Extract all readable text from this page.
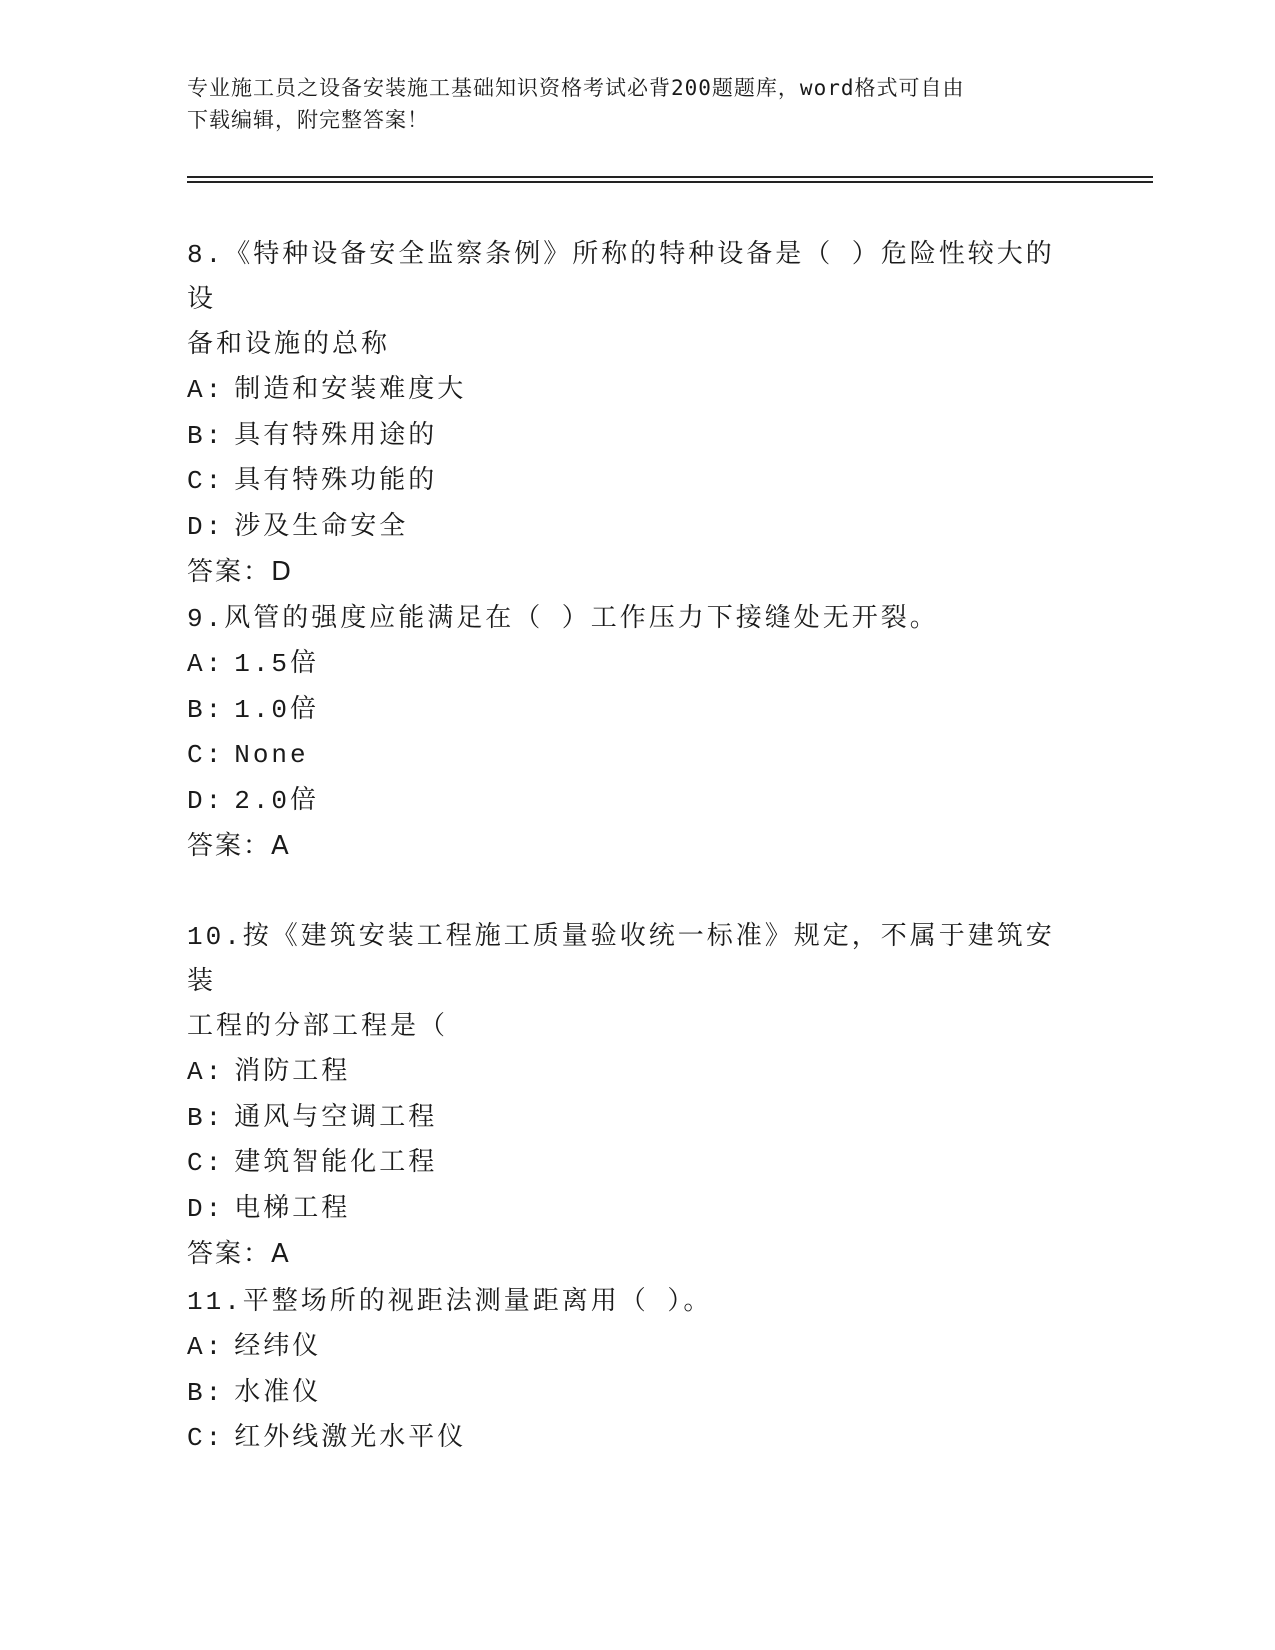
专业施工员之设备安装施工基础知识资格考试必背200题题库，word格式可自由
下载编辑，附完整答案！
8.《特种设备安全监察条例》所称的特种设备是（ ）危险性较大的设
备和设施的总称
A: 制造和安装难度大
B: 具有特殊用途的
C: 具有特殊功能的
D: 涉及生命安全
答案：D
9.风管的强度应能满足在（ ）工作压力下接缝处无开裂。
A: 1.5倍
B: 1.0倍
C: None
D: 2.0倍
答案：A
10.按《建筑安装工程施工质量验收统一标准》规定，不属于建筑安装
工程的分部工程是（
A: 消防工程
B: 通风与空调工程
C: 建筑智能化工程
D: 电梯工程
答案：A
11.平整场所的视距法测量距离用（ ）。
A: 经纬仪
B: 水准仪
C: 红外线激光水平仪
